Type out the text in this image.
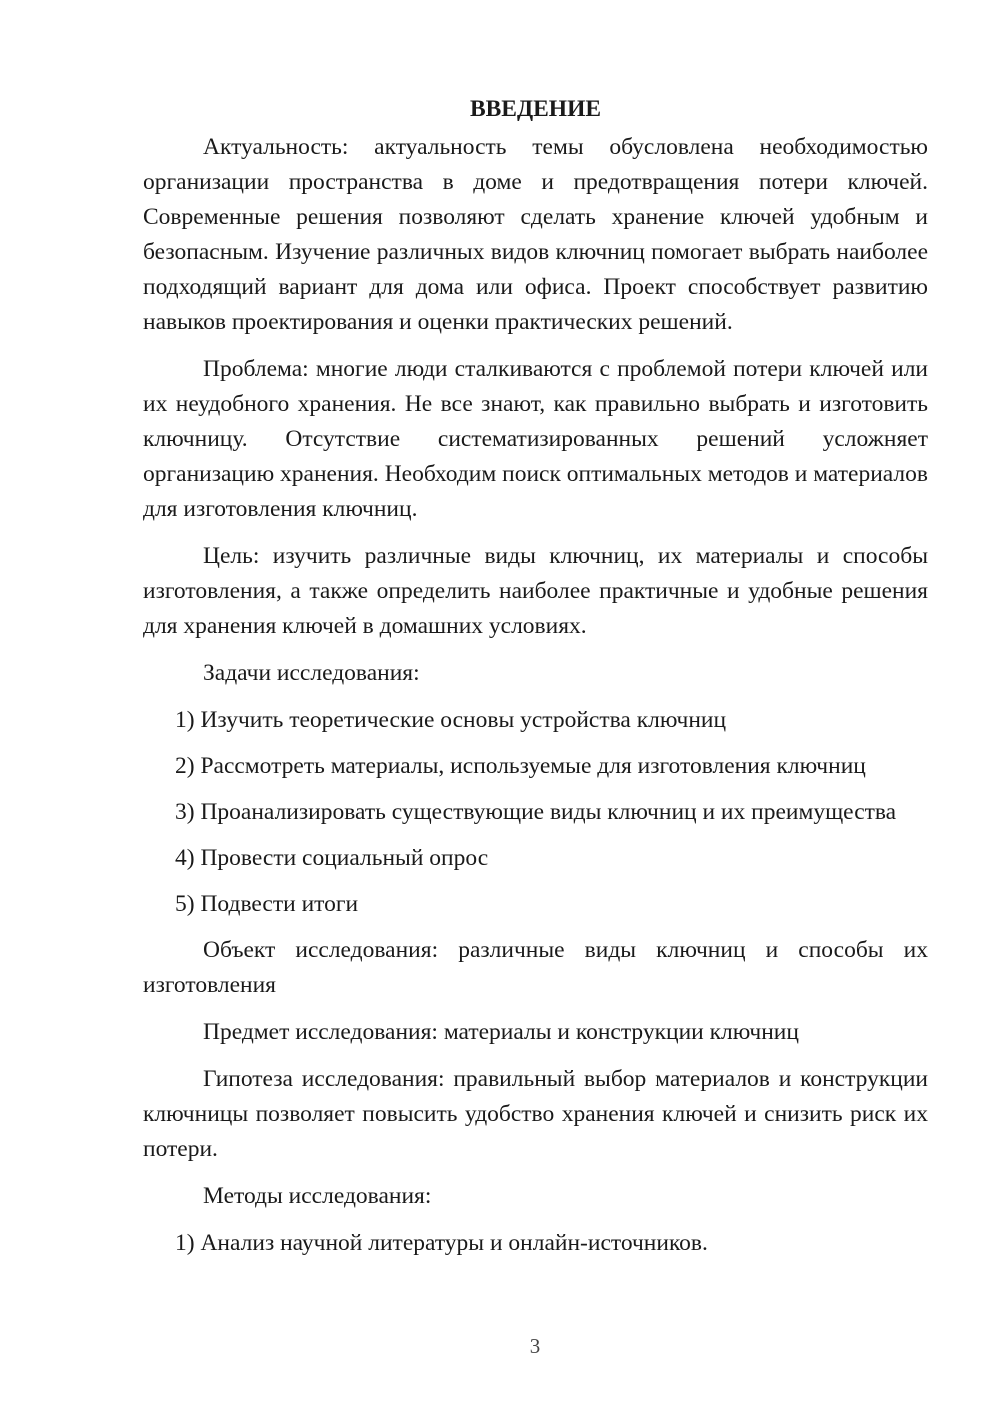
ВВЕДЕНИЕ

Актуальность: актуальность темы обусловлена необходимостью организации пространства в доме и предотвращения потери ключей. Современные решения позволяют сделать хранение ключей удобным и безопасным. Изучение различных видов ключниц помогает выбрать наиболее подходящий вариант для дома или офиса. Проект способствует развитию навыков проектирования и оценки практических решений.

Проблема: многие люди сталкиваются с проблемой потери ключей или их неудобного хранения. Не все знают, как правильно выбрать и изготовить ключницу. Отсутствие систематизированных решений усложняет организацию хранения. Необходим поиск оптимальных методов и материалов для изготовления ключниц.

Цель: изучить различные виды ключниц, их материалы и способы изготовления, а также определить наиболее практичные и удобные решения для хранения ключей в домашних условиях.

Задачи исследования:

1) Изучить теоретические основы устройства ключниц

2) Рассмотреть материалы, используемые для изготовления ключниц

3) Проанализировать существующие виды ключниц и их преимущества

4) Провести социальный опрос

5) Подвести итоги

Объект исследования: различные виды ключниц и способы их изготовления

Предмет исследования: материалы и конструкции ключниц

Гипотеза исследования: правильный выбор материалов и конструкции ключницы позволяет повысить удобство хранения ключей и снизить риск их потери.

Методы исследования:

1) Анализ научной литературы и онлайн-источников.

3
